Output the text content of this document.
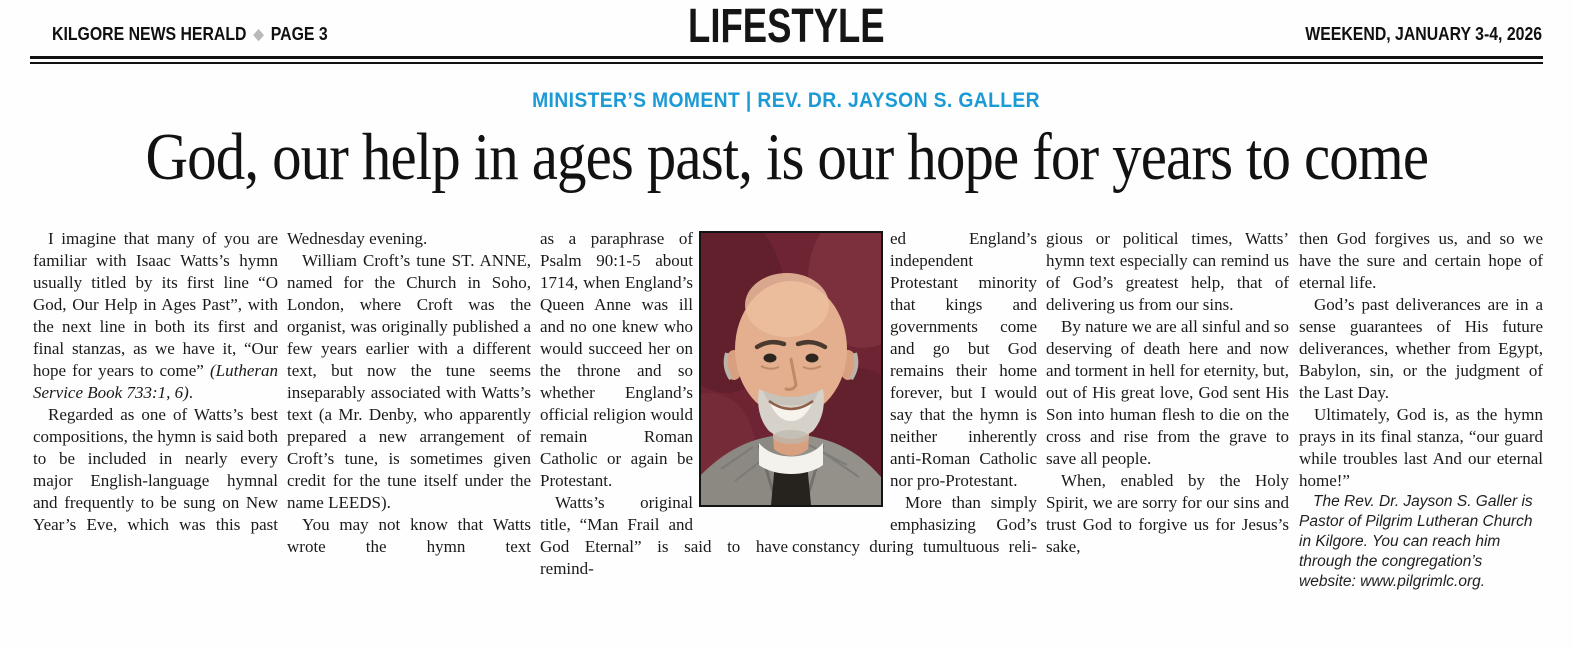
KILGORE NEWS HERALD ◆ PAGE 3	LIFESTYLE	WEEKEND, JANUARY 3-4, 2026
MINISTER’S MOMENT | REV. DR. JAYSON S. GALLER
God, our help in ages past, is our hope for years to come

I imagine that many of you are familiar with Isaac Watts’s hymn usually titled by its first line “O God, Our Help in Ages Past”, with the next line in both its first and final stanzas, as we have it, “Our hope for years to come” (Lutheran Service Book 733:1, 6).

Regarded as one of Watts’s best compositions, the hymn is said both to be included in nearly every major English-language hymnal and frequently to be sung on New Year’s Eve, which was this past

Wednesday evening.

William Croft’s tune ST. ANNE, named for the Church in Soho, London, where Croft was the organist, was originally published a few years earlier with a different text, but now the tune seems inseparably associated with Watts’s text (a Mr. Denby, who apparently prepared a new arrangement of Croft’s tune, is sometimes given credit for the tune itself under the name LEEDS).

You may not know that Watts wrote the hymn text

as a paraphrase of Psalm 90:1-5 about 1714, when England’s Queen Anne was ill and no one knew who would succeed her on the throne and so whether England’s official religion would remain Roman Catholic or again be Protestant.

Watts’s original title, “Man Frail and God Eternal” is said to have remind-

ed England’s independent Protestant minority that kings and governments come and go but God remains their home forever, but I would say that the hymn is neither inherently anti-Roman Catholic nor pro-Protestant.

More than simply emphasizing God’s constancy during tumultuous reli-

gious or political times, Watts’ hymn text especially can remind us of God’s greatest help, that of delivering us from our sins.

By nature we are all sinful and so deserving of death here and now and torment in hell for eternity, but, out of His great love, God sent His Son into human flesh to die on the cross and rise from the grave to save all people.

When, enabled by the Holy Spirit, we are sorry for our sins and trust God to forgive us for Jesus’s sake,

then God forgives us, and so we have the sure and certain hope of eternal life.

God’s past deliverances are in a sense guarantees of His future deliverances, whether from Egypt, Babylon, sin, or the judgment of the Last Day.

Ultimately, God is, as the hymn prays in its final stanza, “our guard while troubles last And our eternal home!”

The Rev. Dr. Jayson S. Galler is Pastor of Pilgrim Lutheran Church in Kilgore. You can reach him through the congregation’s website: www.pilgrimlc.org.
